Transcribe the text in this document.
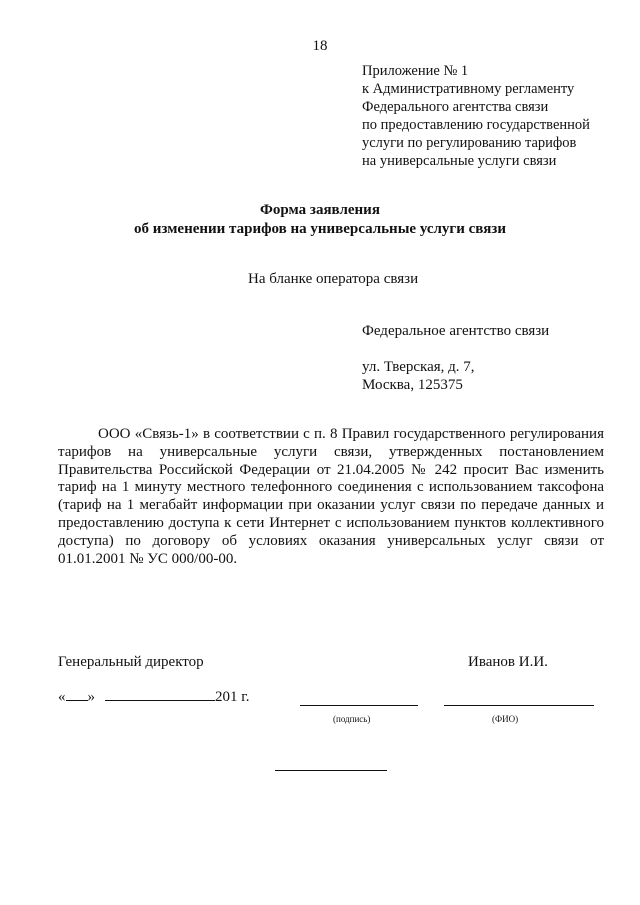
18
Приложение № 1
к Административному регламенту
Федерального агентства связи
по предоставлению государственной
услуги по регулированию тарифов
на универсальные услуги связи
Форма заявления
об изменении тарифов на универсальные услуги связи
На бланке оператора связи
Федеральное агентство связи
ул. Тверская, д. 7,
Москва, 125375
ООО «Связь-1» в соответствии с п. 8 Правил государственного регулирования тарифов на универсальные услуги связи, утвержденных постановлением Правительства Российской Федерации от 21.04.2005 № 242 просит Вас изменить тариф на 1 минуту местного телефонного соединения с использованием таксофона (тариф на 1 мегабайт информации при оказании услуг связи по передаче данных и предоставлению доступа к сети Интернет с использованием пунктов коллективного доступа) по договору об условиях оказания универсальных услуг связи от 01.01.2001 № УС 000/00-00.
Генеральный директор	Иванов И.И.
« »	201 г.
(подпись)	(ФИО)
